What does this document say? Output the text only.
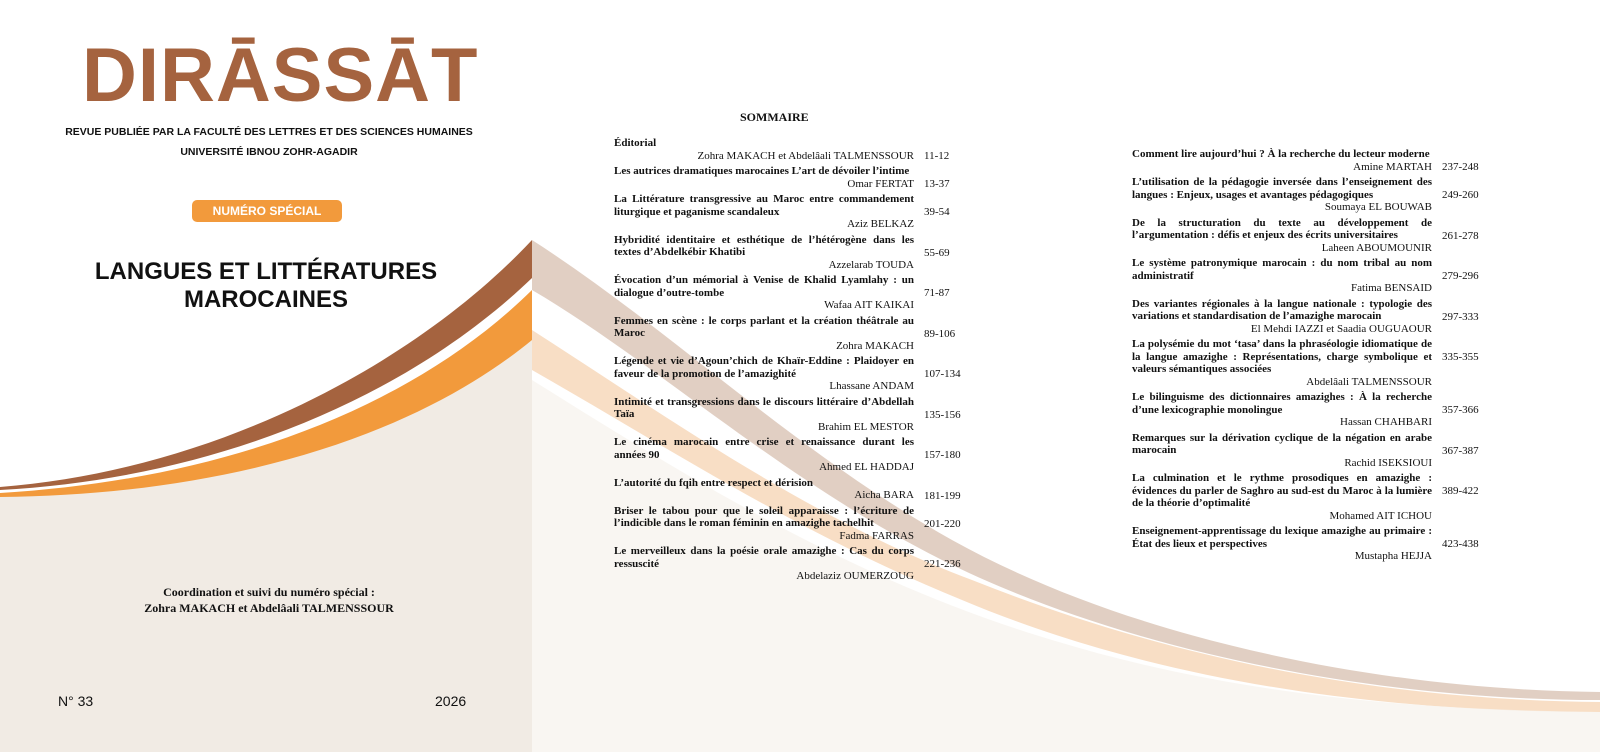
DIRĀSSĀT
REVUE PUBLIÉE PAR LA FACULTÉ DES LETTRES ET DES SCIENCES HUMAINES
UNIVERSITÉ IBNOU ZOHR-AGADIR
NUMÉRO SPÉCIAL
LANGUES ET LITTÉRATURES
MAROCAINES
Coordination et suivi du numéro spécial :
Zohra MAKACH et Abdelâali TALMENSSOUR
N° 33	2026
SOMMAIRE
Éditorial
Zohra MAKACH et Abdelâali TALMENSSOUR 11-12
Les autrices dramatiques marocaines L’art de dévoiler l’intime
Omar FERTAT 13-37
La Littérature transgressive au Maroc entre commandement liturgique et paganisme scandaleux
Aziz BELKAZ
39-54
Hybridité identitaire et esthétique de l’hétérogène dans les textes d’Abdelkébir Khatibi
Azzelarab TOUDA
55-69
Évocation d’un mémorial à Venise de Khalid Lyamlahy : un dialogue d’outre-tombe
Wafaa AIT KAIKAI
71-87
Femmes en scène : le corps parlant et la création théâtrale au Maroc
Zohra MAKACH
89-106
Légende et vie d’Agoun’chich de Khaïr-Eddine : Plaidoyer en faveur de la promotion de l’amazighité
Lhassane ANDAM
107-134
Intimité et transgressions dans le discours littéraire d’Abdellah Taïa
Brahim EL MESTOR
135-156
Le cinéma marocain entre crise et renaissance durant les années 90
Ahmed EL HADDAJ
157-180
L’autorité du fqih entre respect et dérision
Aicha BARA 181-199
Briser le tabou pour que le soleil apparaisse : l’écriture de l’indicible dans le roman féminin en amazighe tachelhit
Fadma FARRAS
201-220
Le merveilleux dans la poésie orale amazighe : Cas du corps ressuscité
Abdelaziz OUMERZOUG
221-236
Comment lire aujourd’hui ? À la recherche du lecteur moderne
Amine MARTAH 237-248
L’utilisation de la pédagogie inversée dans l’enseignement des langues : Enjeux, usages et avantages pédagogiques
Soumaya EL BOUWAB
249-260
De la structuration du texte au développement de l’argumentation : défis et enjeux des écrits universitaires
Laheen ABOUMOUNIR
261-278
Le système patronymique marocain : du nom tribal au nom administratif
Fatima BENSAID
279-296
Des variantes régionales à la langue nationale : typologie des variations et standardisation de l’amazighe marocain
El Mehdi IAZZI et Saadia OUGUAOUR
297-333
La polysémie du mot ‘tasa’ dans la phraséologie idiomatique de la langue amazighe : Représentations, charge symbolique et valeurs sémantiques associées
Abdelâali TALMENSSOUR
335-355
Le bilinguisme des dictionnaires amazighes : À la recherche d’une lexicographie monolingue
Hassan CHAHBARI
357-366
Remarques sur la dérivation cyclique de la négation en arabe marocain
Rachid ISEKSIOUI
367-387
La culmination et le rythme prosodiques en amazighe : évidences du parler de Saghro au sud-est du Maroc à la lumière de la théorie d’optimalité
Mohamed AIT ICHOU
389-422
Enseignement-apprentissage du lexique amazighe au primaire : État des lieux et perspectives
Mustapha HEJJA
423-438
